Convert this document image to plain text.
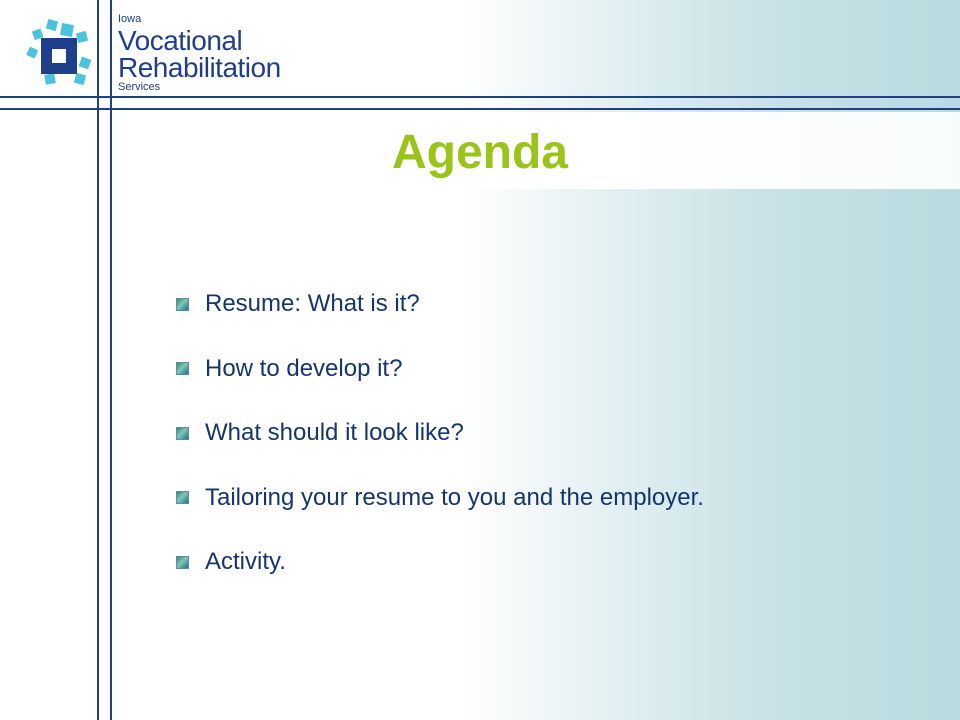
Iowa
Vocational
Rehabilitation
Services
Agenda
Resume: What is it?
How to develop it?
What should it look like?
Tailoring your resume to you and the employer.
Activity.
